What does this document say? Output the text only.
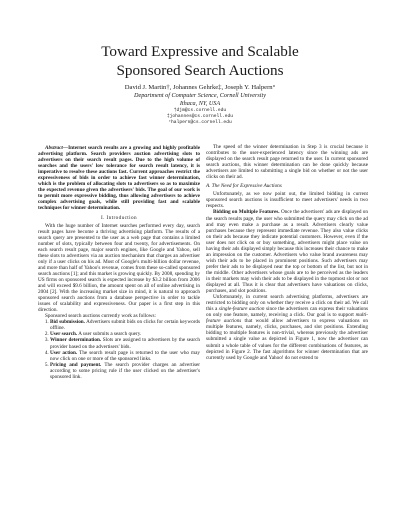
Toward Expressive and Scalable
Sponsored Search Auctions
David J. Martin†, Johannes Gehrke‡, Joseph Y. Halpern°
Department of Computer Science, Cornell University
Ithaca, NY, USA
†djm@cs.cornell.edu
‡johannes@cs.cornell.edu
°halpern@cs.cornell.edu

Abstract—Internet search results are a growing and highly profitable advertising platform. Search providers auction advertising slots to advertisers on their search result pages. Due to the high volume of searches and the users' low tolerance for search result latency, it is imperative to resolve these auctions fast. Current approaches restrict the expressiveness of bids in order to achieve fast winner determination, which is the problem of allocating slots to advertisers so as to maximize the expected revenue given the advertisers' bids. The goal of our work is to permit more expressive bidding, thus allowing advertisers to achieve complex advertising goals, while still providing fast and scalable techniques for winner determination.

I. Introduction

With the huge number of Internet searches performed every day, search result pages have become a thriving advertising platform. The results of a search query are presented to the user as a web page that contains a limited number of slots, typically between four and twenty, for advertisements. On each search result page, major search engines, like Google and Yahoo, sell these slots to advertisers via an auction mechanism that charges an advertiser only if a user clicks on his ad. Most of Google's multi-billion dollar revenue, and more than half of Yahoo's revenue, comes from these so-called sponsored search auctions [1]; and this market is growing quickly. By 2008, spending by US firms on sponsored search is expected increase by $3.2 billion from 2006 and will exceed $9.6 billion, the amount spent on all of online advertising in 2004 [2]. With the increasing market size in mind, it is natural to approach sponsored search auctions from a database perspective in order to tackle issues of scalability and expressiveness. Our paper is a first step in this direction.

Sponsored search auctions currently work as follows:

1. Bid submission. Advertisers submit bids on clicks for certain keywords offline.
2. User search. A user submits a search query.
3. Winner determination. Slots are assigned to advertisers by the search provider based on the advertisers' bids.
4. User action. The search result page is returned to the user who may now click on one or more of the sponsored links.
5. Pricing and payment. The search provider charges an advertiser according to some pricing rule if the user clicked on the advertiser's sponsored link.

The speed of the winner determination in Step 3 is crucial because it contributes to the user-experienced latency since the winning ads are displayed on the search result page returned to the user. In current sponsored search auctions, this winner determination can be done quickly because advertisers are limited to submitting a single bid on whether or not the user clicks on their ad.

A. The Need for Expressive Auctions

Unfortunately, as we now point out, the limited bidding in current sponsored search auctions is insufficient to meet advertisers' needs in two respects.

Bidding on Multiple Features. Once the advertisers' ads are displayed on the search results page, the user who submitted the query may click on the ad and may even make a purchase as a result. Advertisers clearly value purchases because they represent immediate revenue. They also value clicks on their ads because they indicate potential customers. However, even if the user does not click on or buy something, advertisers might place value on having their ads displayed simply because this increases their chance to make an impression on the customer. Advertisers who value brand awareness may wish their ads to be placed in prominent positions. Such advertisers may prefer their ads to be displayed near the top or bottom of the list, but not in the middle. Other advertisers whose goals are to be perceived as the leaders in their markets may wish their ads to be displayed in the topmost slot or not displayed at all. Thus it is clear that advertisers have valuations on clicks, purchases, and slot positions.

Unfortunately, in current search advertising platforms, advertisers are restricted to bidding only on whether they receive a click on their ad. We call this a single-feature auction since the advertisers can express their valuations on only one feature, namely, receiving a click. Our goal is to support multi-feature auctions that would allow advertisers to express valuations on multiple features, namely, clicks, purchases, and slot positions. Extending bidding to multiple features is non-trivial, whereas previously the advertiser submitted a single value as depicted in Figure 1, now the advertiser can submit a whole table of values for the different combinations of features, as depicted in Figure 2. The fast algorithms for winner determination that are currently used by Google and Yahoo! do not extend to
